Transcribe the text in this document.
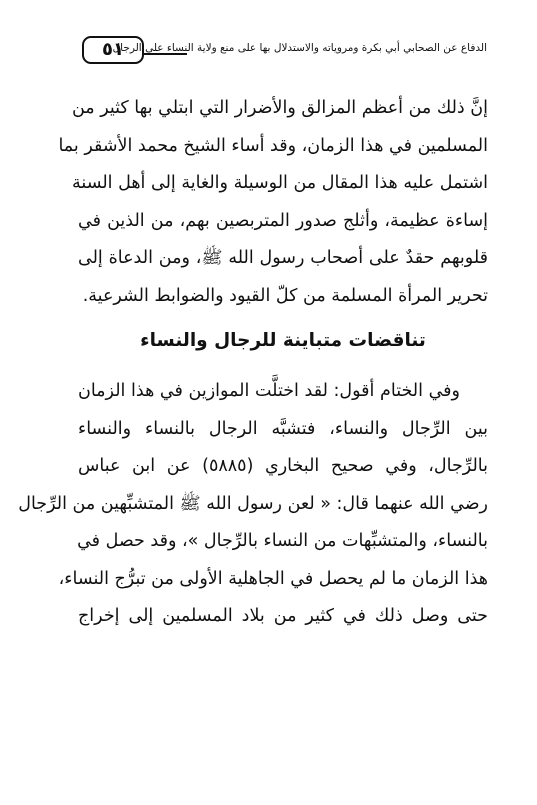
الدفاع عن الصحابي أبي بكرة ومروياته والاستدلال بها على منع ولاية النساء على الرجال
٥١
إنَّ ذلك من أعظم المزالق والأضرار التي ابتلي بها كثير من
المسلمين في هذا الزمان، وقد أساء الشيخ محمد الأشقر بما
اشتمل عليه هذا المقال من الوسيلة والغاية إلى أهل السنة
إساءة عظيمة، وأثلج صدور المتربصين بهم، من الذين في
قلوبهم حقدٌ على أصحاب رسول الله ﷺ، ومن الدعاة إلى
تحرير المرأة المسلمة من كلّ القيود والضوابط الشرعية.
تناقضات متباينة للرجال والنساء
وفي الختام أقول: لقد اختلَّت الموازين في هذا الزمان
بين الرِّجال والنساء، فتشبَّه الرجال بالنساء والنساء
بالرِّجال، وفي صحيح البخاري (٥٨٨٥) عن ابن عباس
رضي الله عنهما قال: « لعن رسول الله ﷺ المتشبِّهين من الرِّجال
بالنساء، والمتشبِّهات من النساء بالرِّجال »، وقد حصل في
هذا الزمان ما لم يحصل في الجاهلية الأولى من تبرُّج النساء،
حتى وصل ذلك في كثير من بلاد المسلمين إلى إخراج
